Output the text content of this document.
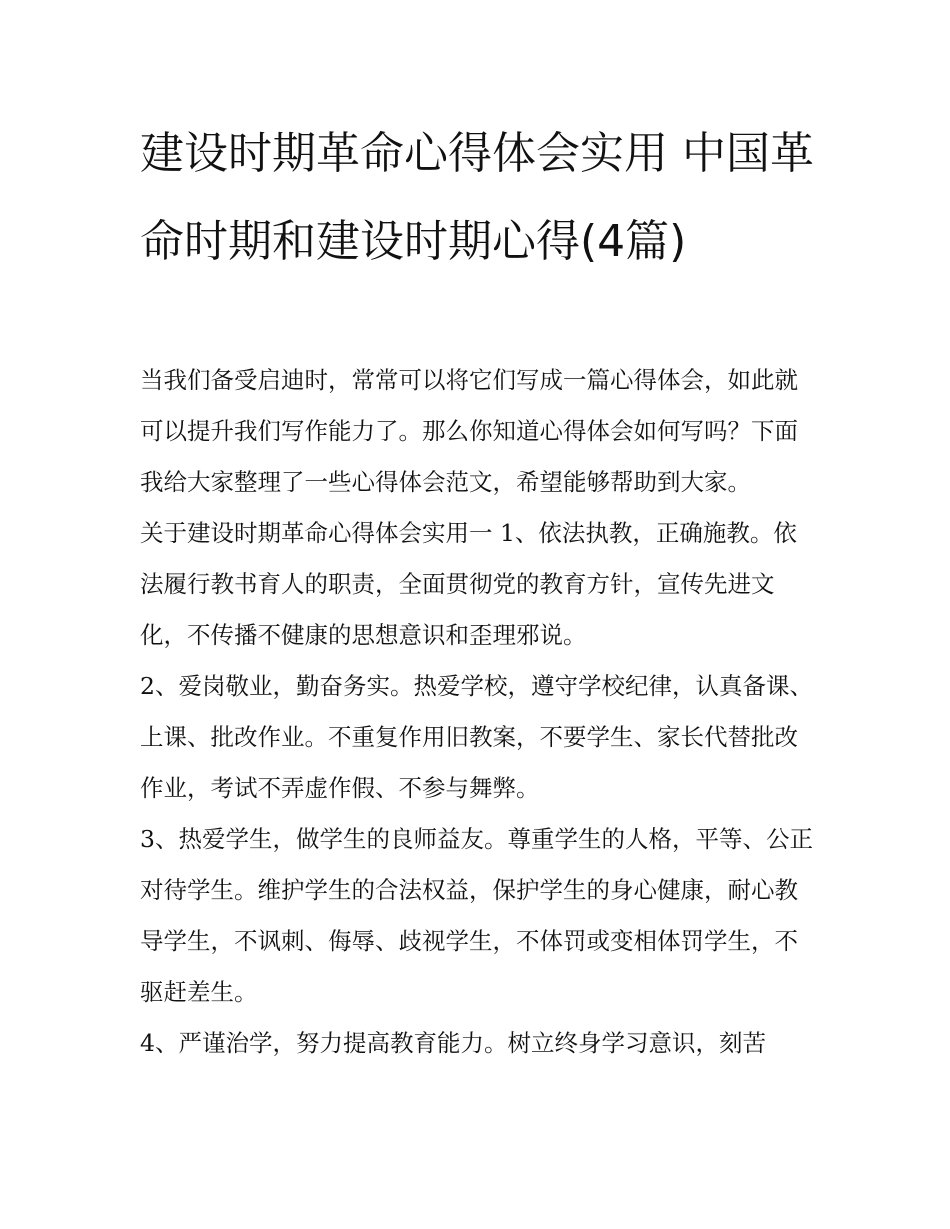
建设时期革命心得体会实用 中国革命时期和建设时期心得(4篇)

当我们备受启迪时，常常可以将它们写成一篇心得体会，如此就可以提升我们写作能力了。那么你知道心得体会如何写吗？下面我给大家整理了一些心得体会范文，希望能够帮助到大家。

关于建设时期革命心得体会实用一 1、依法执教，正确施教。依法履行教书育人的职责，全面贯彻党的教育方针，宣传先进文化，不传播不健康的思想意识和歪理邪说。

2、爱岗敬业，勤奋务实。热爱学校，遵守学校纪律，认真备课、上课、批改作业。不重复作用旧教案，不要学生、家长代替批改作业，考试不弄虚作假、不参与舞弊。

3、热爱学生，做学生的良师益友。尊重学生的人格，平等、公正对待学生。维护学生的合法权益，保护学生的身心健康，耐心教导学生，不讽刺、侮辱、歧视学生，不体罚或变相体罚学生，不驱赶差生。

4、严谨治学，努力提高教育能力。树立终身学习意识，刻苦
